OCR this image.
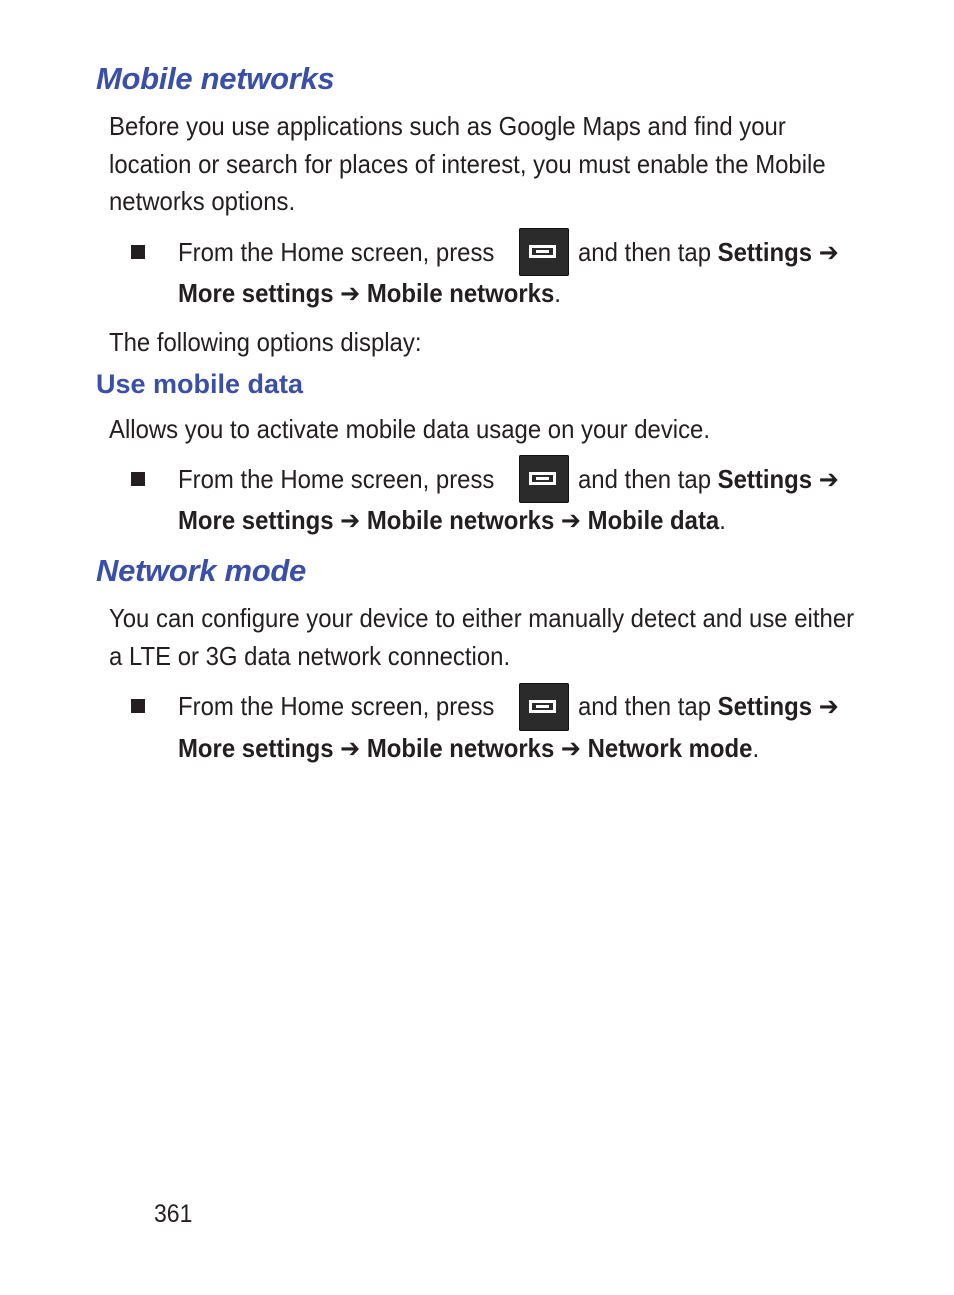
Mobile networks
Before you use applications such as Google Maps and find your location or search for places of interest, you must enable the Mobile networks options.
From the Home screen, press	and then tap Settings ➔
More settings ➔ Mobile networks.
The following options display:
Use mobile data
Allows you to activate mobile data usage on your device.
From the Home screen, press	and then tap Settings ➔
More settings ➔ Mobile networks ➔ Mobile data.
Network mode
You can configure your device to either manually detect and use either a LTE or 3G data network connection.
From the Home screen, press	and then tap Settings ➔
More settings ➔ Mobile networks ➔ Network mode.
361
